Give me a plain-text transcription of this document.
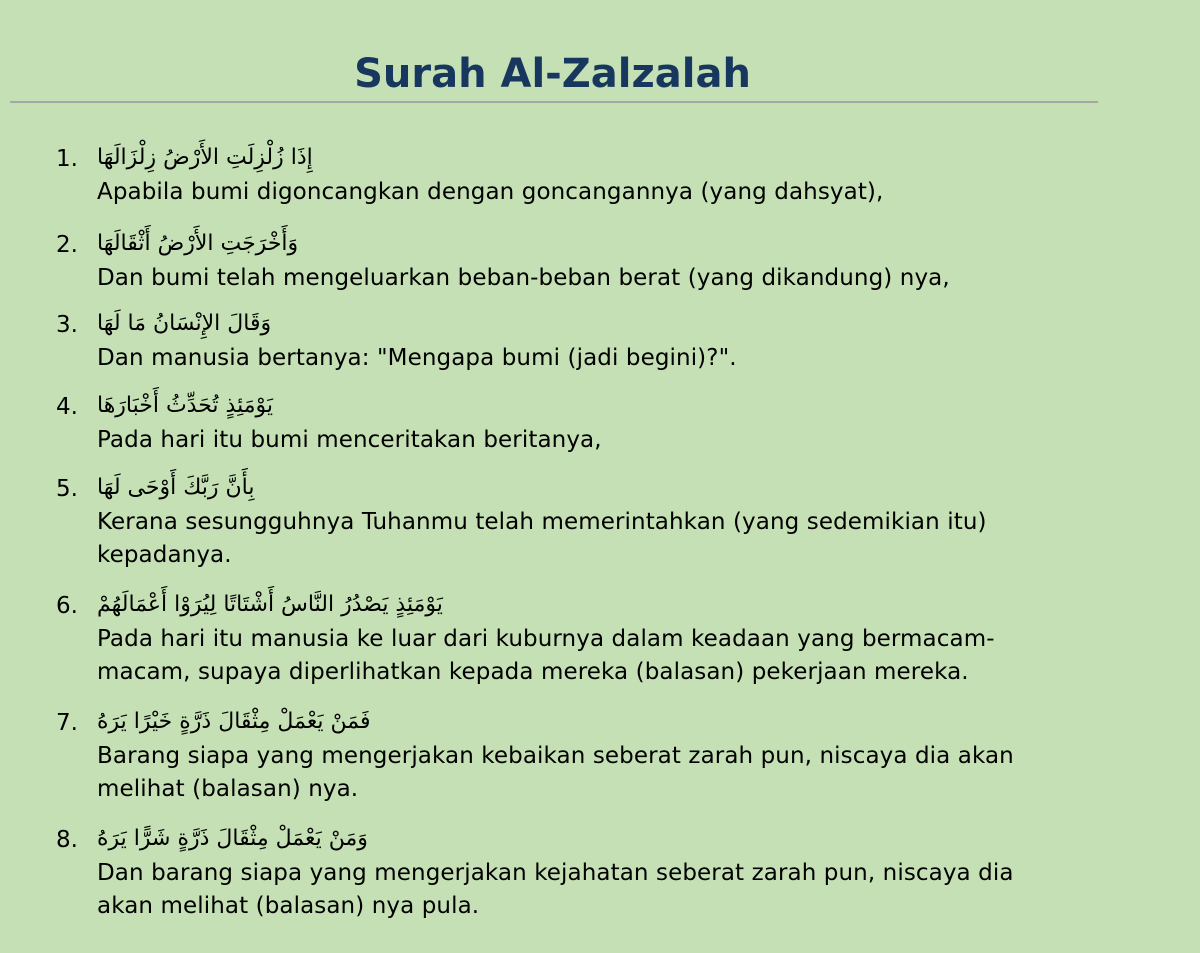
Surah Al-Zalzalah
1. إِذَا زُلْزِلَتِ الأَرْضُ زِلْزَالَهَا
Apabila bumi digoncangkan dengan goncangannya (yang dahsyat),
2. وَأَخْرَجَتِ الأَرْضُ أَثْقَالَهَا
Dan bumi telah mengeluarkan beban-beban berat (yang dikandung) nya,
3. وَقَالَ الإِنْسَانُ مَا لَهَا
Dan manusia bertanya: "Mengapa bumi (jadi begini)?".
4. يَوْمَئِذٍ تُحَدِّثُ أَخْبَارَهَا
Pada hari itu bumi menceritakan beritanya,
5. بِأَنَّ رَبَّكَ أَوْحَى لَهَا
Kerana sesungguhnya Tuhanmu telah memerintahkan (yang sedemikian itu) kepadanya.
6. يَوْمَئِذٍ يَصْدُرُ النَّاسُ أَشْتَاتًا لِيُرَوْا أَعْمَالَهُمْ
Pada hari itu manusia ke luar dari kuburnya dalam keadaan yang bermacam-macam, supaya diperlihatkan kepada mereka (balasan) pekerjaan mereka.
7. فَمَنْ يَعْمَلْ مِثْقَالَ ذَرَّةٍ خَيْرًا يَرَهُ
Barang siapa yang mengerjakan kebaikan seberat zarah pun, niscaya dia akan melihat (balasan) nya.
8. وَمَنْ يَعْمَلْ مِثْقَالَ ذَرَّةٍ شَرًّا يَرَهُ
Dan barang siapa yang mengerjakan kejahatan seberat zarah pun, niscaya dia akan melihat (balasan) nya pula.
